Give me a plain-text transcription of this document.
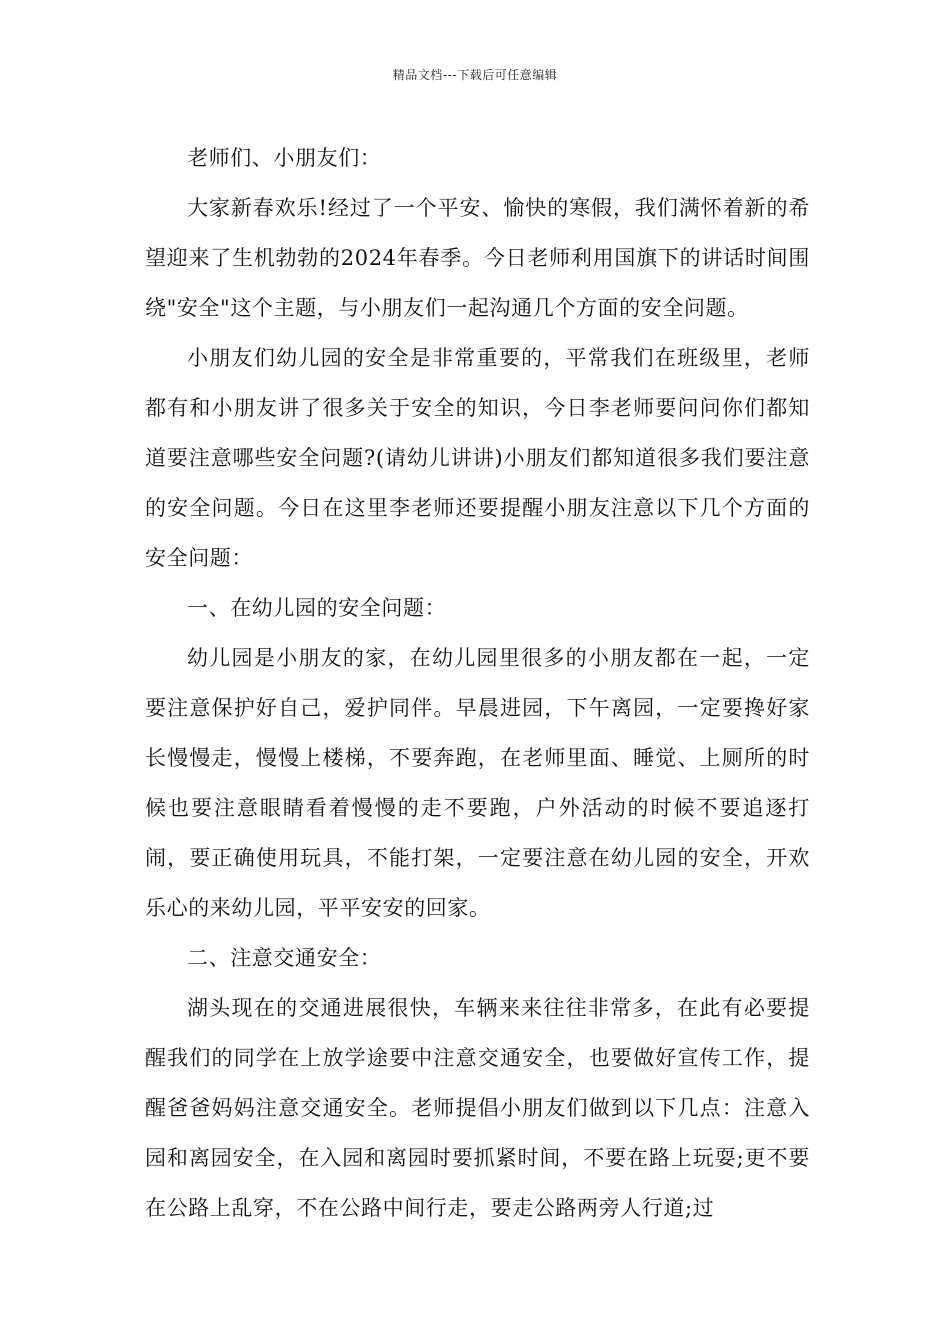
精品文档---下载后可任意编辑

老师们、小朋友们：

大家新春欢乐!经过了一个平安、愉快的寒假，我们满怀着新的希望迎来了生机勃勃的2024年春季。今日老师利用国旗下的讲话时间围绕"安全"这个主题，与小朋友们一起沟通几个方面的安全问题。

小朋友们幼儿园的安全是非常重要的，平常我们在班级里，老师都有和小朋友讲了很多关于安全的知识，今日李老师要问问你们都知道要注意哪些安全问题?(请幼儿讲讲)小朋友们都知道很多我们要注意的安全问题。今日在这里李老师还要提醒小朋友注意以下几个方面的安全问题：

一、在幼儿园的安全问题：

幼儿园是小朋友的家，在幼儿园里很多的小朋友都在一起，一定要注意保护好自己，爱护同伴。早晨进园，下午离园，一定要搀好家长慢慢走，慢慢上楼梯，不要奔跑，在老师里面、睡觉、上厕所的时候也要注意眼睛看着慢慢的走不要跑，户外活动的时候不要追逐打闹，要正确使用玩具，不能打架，一定要注意在幼儿园的安全，开欢乐心的来幼儿园，平平安安的回家。

二、注意交通安全：

湖头现在的交通进展很快，车辆来来往往非常多，在此有必要提醒我们的同学在上放学途要中注意交通安全，也要做好宣传工作，提醒爸爸妈妈注意交通安全。老师提倡小朋友们做到以下几点：注意入园和离园安全，在入园和离园时要抓紧时间，不要在路上玩耍;更不要在公路上乱穿，不在公路中间行走，要走公路两旁人行道;过
